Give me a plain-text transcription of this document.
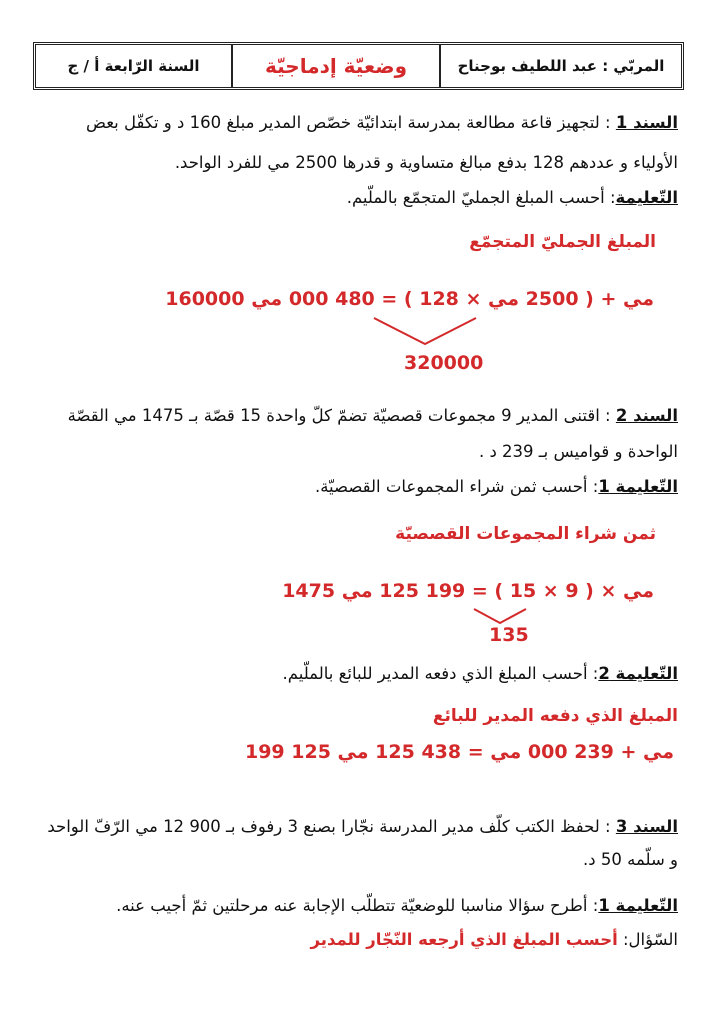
المربّي : عبد اللطيف بوجناح
وضعيّة إدماجيّة
السنة الرّابعة أ / ج
السند 1 : لتجهيز قاعة مطالعة بمدرسة ابتدائيّة خصّص المدير مبلغ 160 د و تكفّل بعض
الأولياء و عددهم 128 بدفع مبالغ متساوية و قدرها 2500 مي للفرد الواحد.
التّعليمة: أحسب المبلغ الجمليّ المتجمّع بالملّيم.
المبلغ الجمليّ المتجمّع
160000 مي + ( 2500 مي × 128 ) = 480 000 مي
320000
السند 2 : اقتنى المدير 9 مجموعات قصصيّة تضمّ كلّ واحدة 15 قصّة بـ 1475 مي القصّة
الواحدة و قواميس بـ 239 د .
التّعليمة 1: أحسب ثمن شراء المجموعات القصصيّة.
ثمن شراء المجموعات القصصيّة
1475 مي × ( 9 × 15 ) = 199 125 مي
135
التّعليمة 2: أحسب المبلغ الذي دفعه المدير للبائع بالملّيم.
المبلغ الذي دفعه المدير للبائع
199 125 مي + 239 000 مي = 438 125 مي
السند 3 : لحفظ الكتب كلّف مدير المدرسة نجّارا بصنع 3 رفوف بـ 900 12 مي الرّفّ الواحد
و سلّمه 50 د.
التّعليمة 1: أطرح سؤالا مناسبا للوضعيّة تتطلّب الإجابة عنه مرحلتين ثمّ أجيب عنه.
السّؤال: أحسب المبلغ الذي أرجعه النّجّار للمدير
